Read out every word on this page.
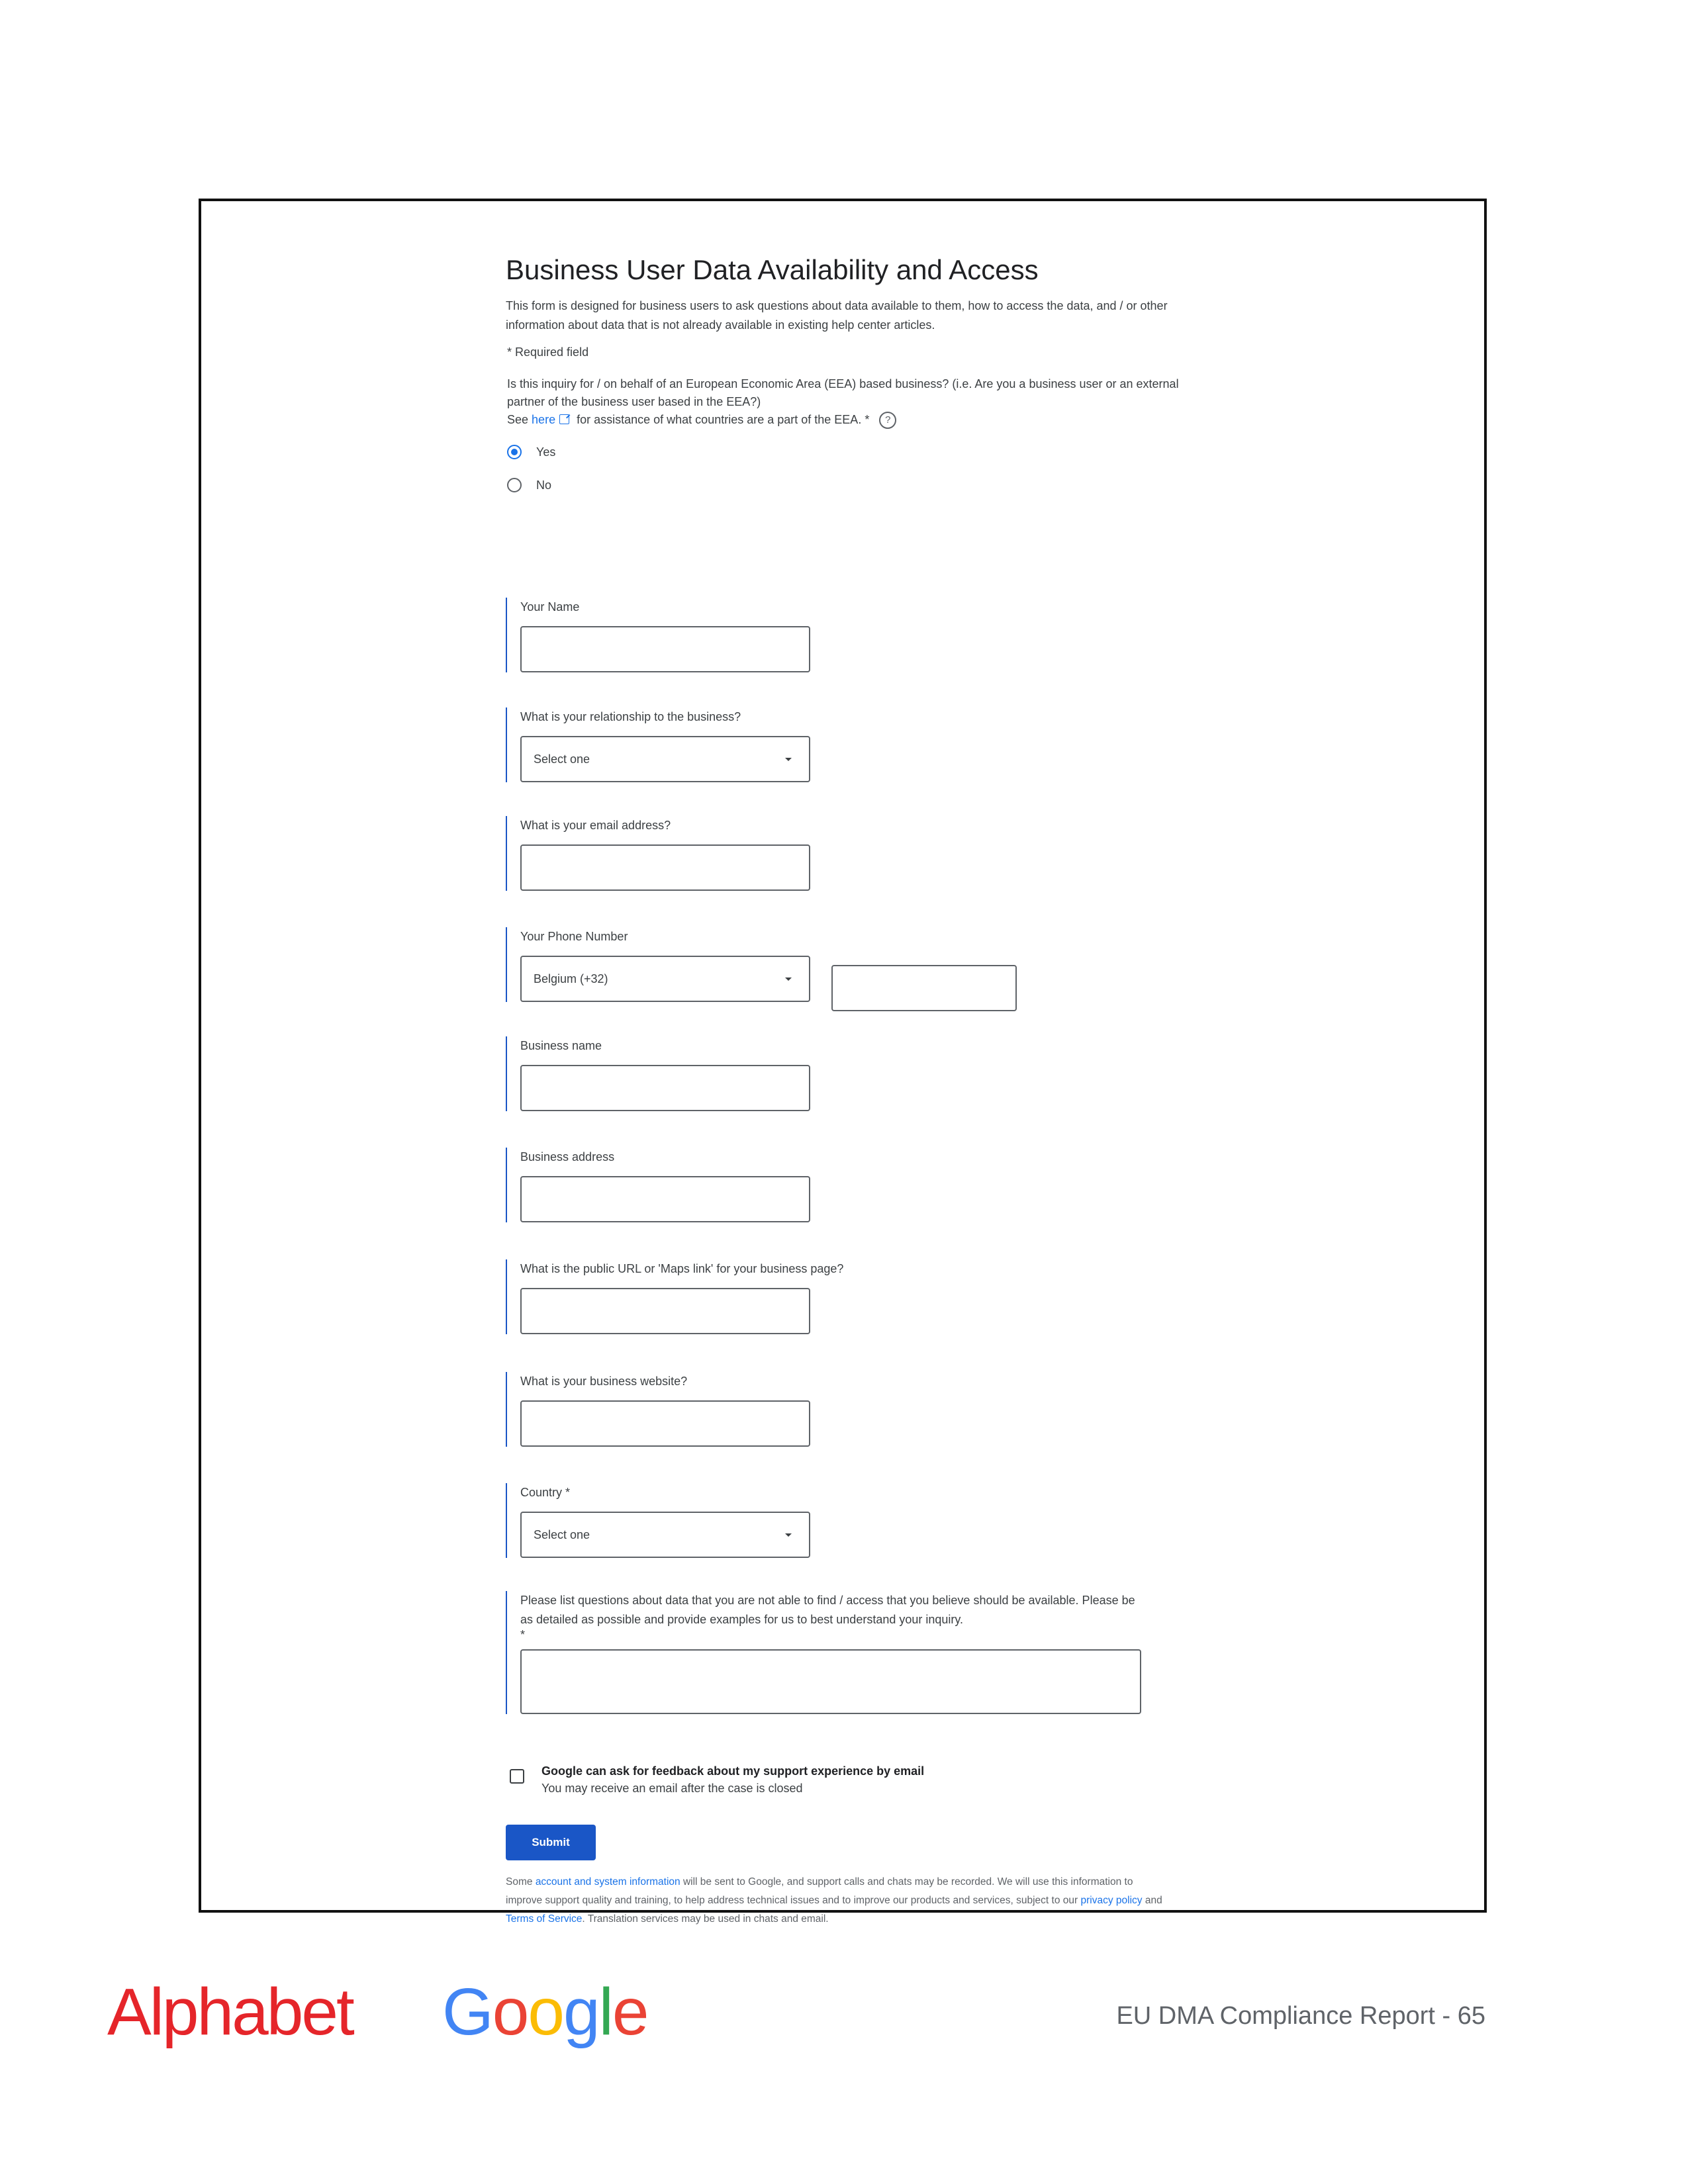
Business User Data Availability and Access

This form is designed for business users to ask questions about data available to them, how to access the data, and / or other information about data that is not already available in existing help center articles.

* Required field

Is this inquiry for / on behalf of an European Economic Area (EEA) based business? (i.e. Are you a business user or an external partner of the business user based in the EEA?)
See here for assistance of what countries are a part of the EEA. * ?

Yes
No

Your Name

What is your relationship to the business?

Select one

What is your email address?

Your Phone Number

Belgium (+32)

Business name

Business address

What is the public URL or 'Maps link' for your business page?

What is your business website?

Country *

Select one

Please list questions about data that you are not able to find / access that you believe should be available. Please be as detailed as possible and provide examples for us to best understand your inquiry.

*

Google can ask for feedback about my support experience by email
You may receive an email after the case is closed
Submit
Some account and system information will be sent to Google, and support calls and chats may be recorded. We will use this information to improve support quality and training, to help address technical issues and to improve our products and services, subject to our privacy policy and Terms of Service. Translation services may be used in chats and email.
Alphabet Google	EU DMA Compliance Report - 65
